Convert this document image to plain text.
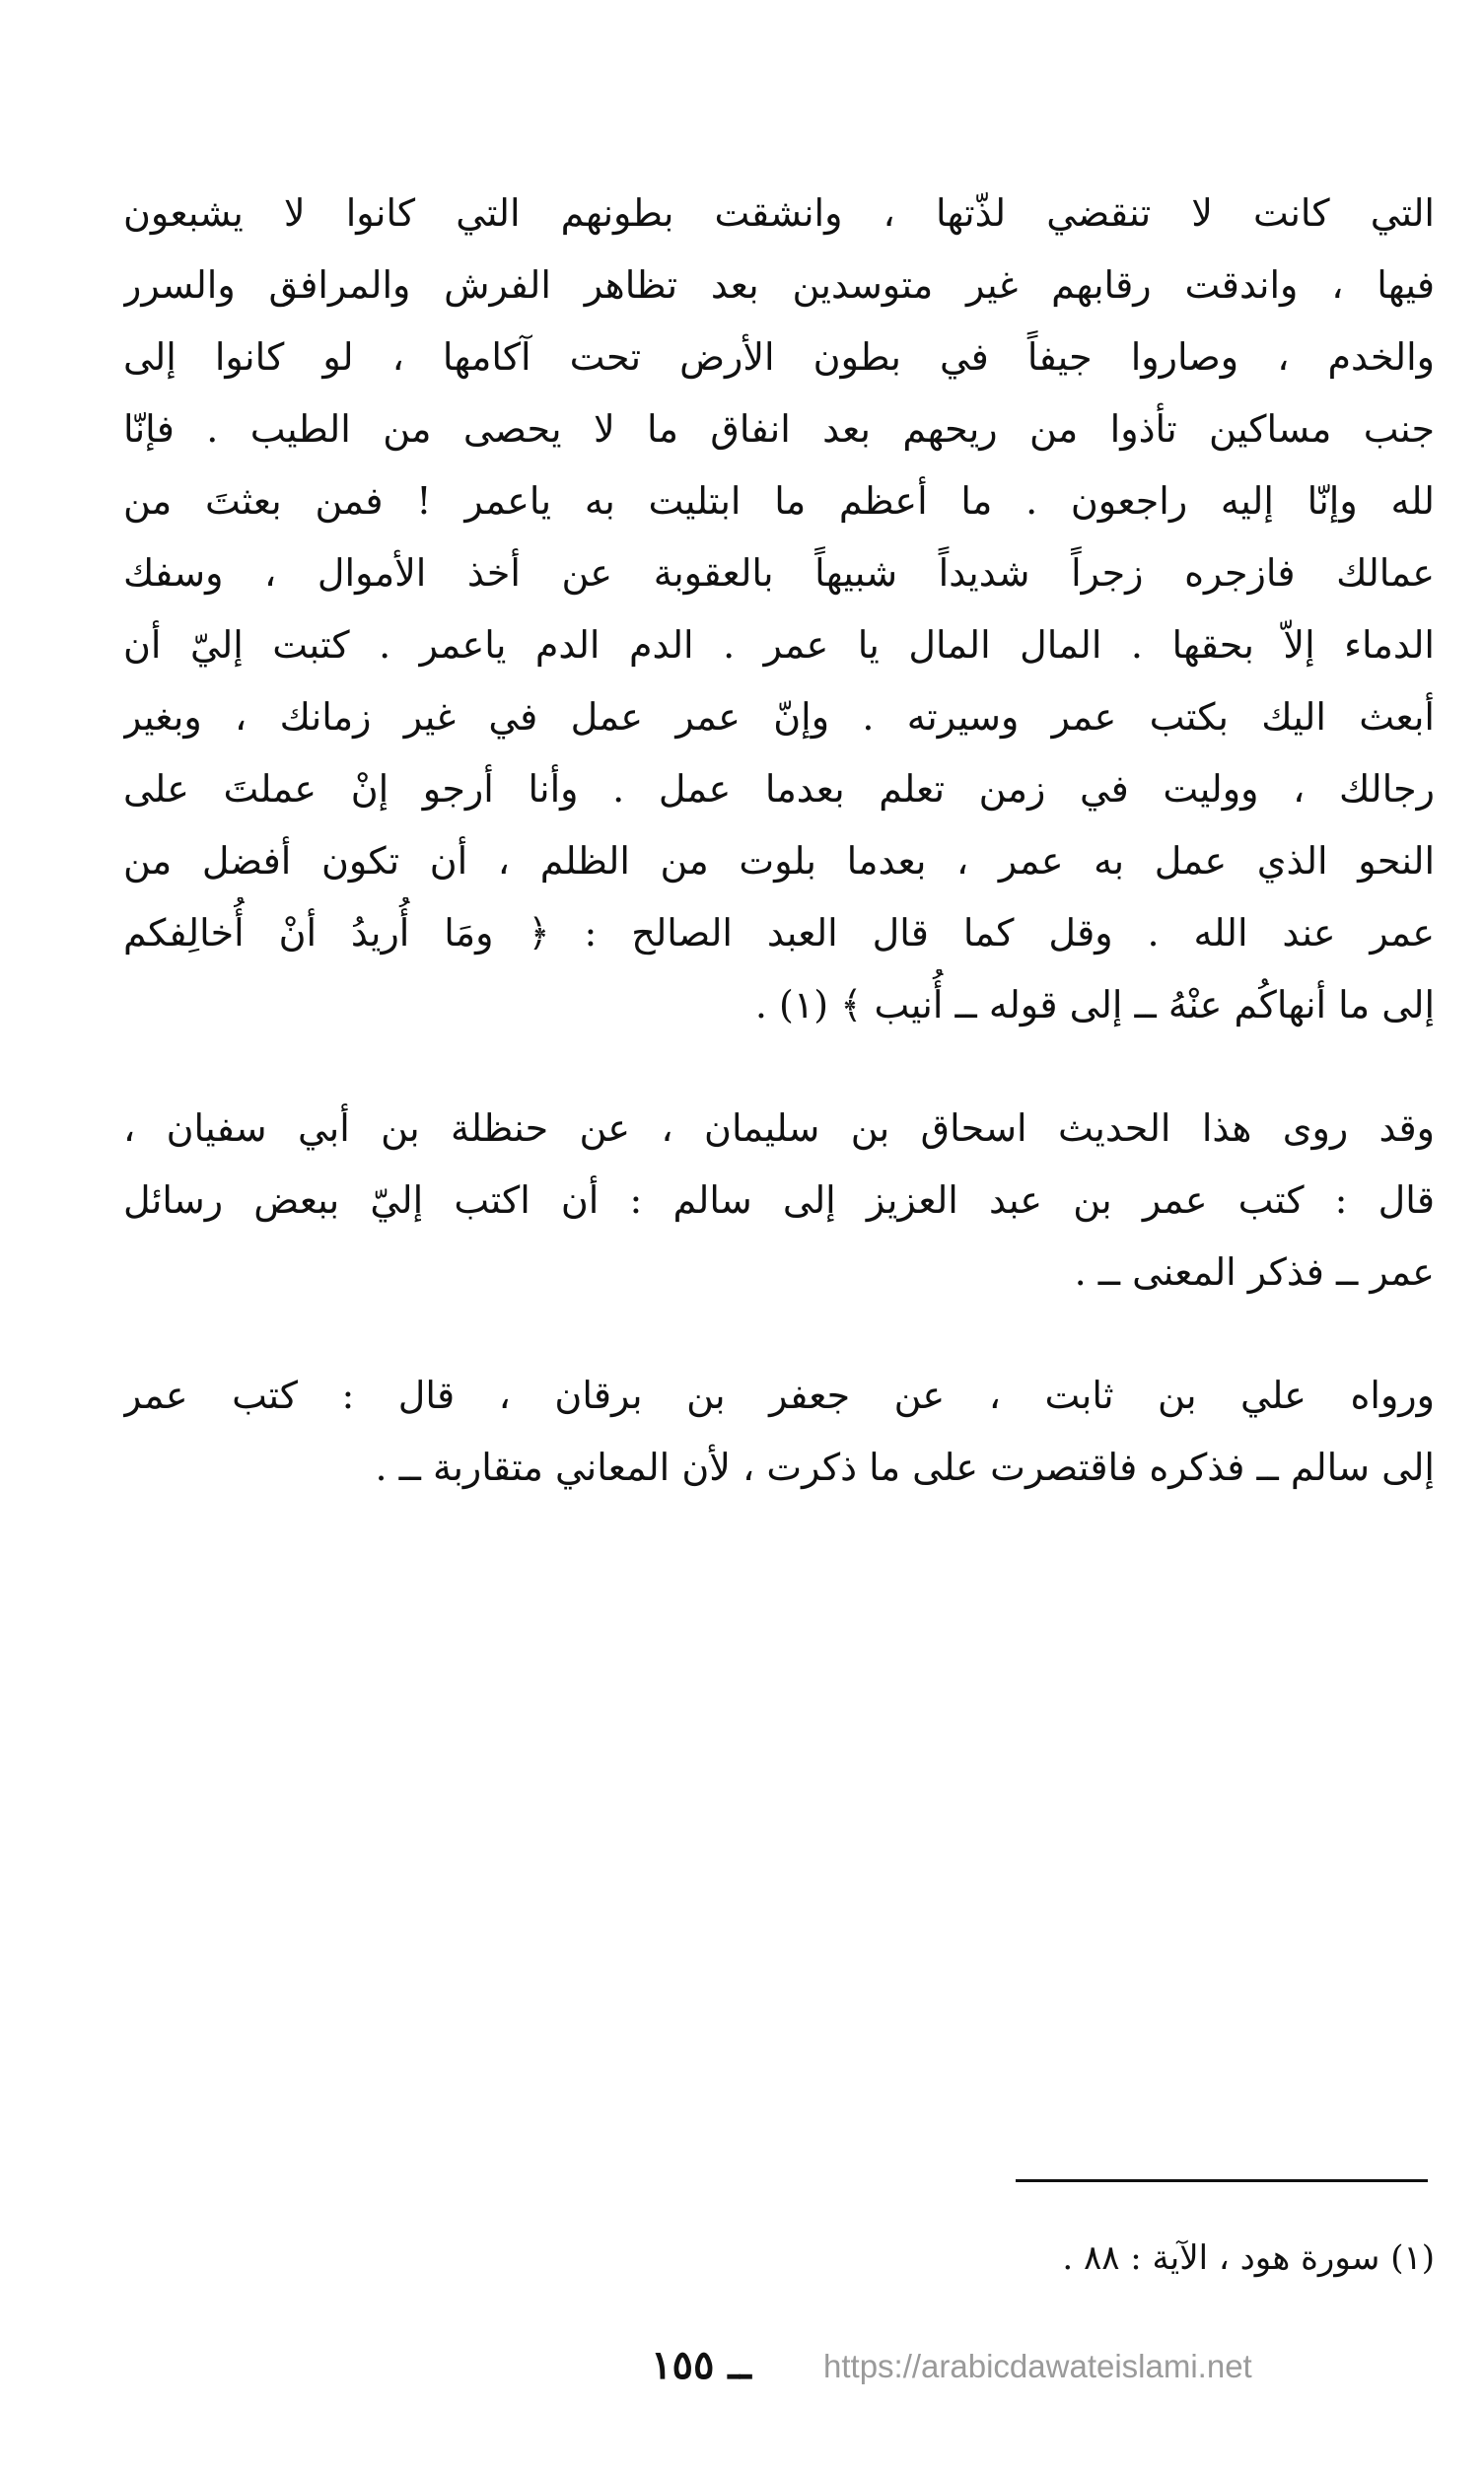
التي كانت لا تنقضي لذّتها ، وانشقت بطونهم التي كانوا لا يشبعون
فيها ، واندقت رقابهم غير متوسدين بعد تظاهر الفرش والمرافق والسرر
والخدم ، وصاروا جيفاً في بطون الأرض تحت آكامها ، لو كانوا إلى
جنب مساكين تأذوا من ريحهم بعد انفاق ما لا يحصى من الطيب . فإنّا
لله وإنّا إليه راجعون . ما أعظم ما ابتليت به ياعمر ! فمن بعثتَ من
عمالك فازجره زجراً شديداً شبيهاً بالعقوبة عن أخذ الأموال ، وسفك
الدماء إلاّ بحقها . المال المال يا عمر . الدم الدم ياعمر . كتبت إليّ أن
أبعث اليك بكتب عمر وسيرته . وإنّ عمر عمل في غير زمانك ، وبغير
رجالك ، ووليت في زمن تعلم بعدما عمل . وأنا أرجو إنْ عملتَ على
النحو الذي عمل به عمر ، بعدما بلوت من الظلم ، أن تكون أفضل من
عمر عند الله . وقل كما قال العبد الصالح : ﴿ ومَا أُريدُ أنْ أُخالِفكم
إلى ما أنهاكُم عنْهُ ــ إلى قوله ــ أُنيب ﴾ (١) .
وقد روى هذا الحديث اسحاق بن سليمان ، عن حنظلة بن أبي سفيان ،
قال : كتب عمر بن عبد العزيز إلى سالم : أن اكتب إليّ ببعض رسائل
عمر ــ فذكر المعنى ــ .
ورواه علي بن ثابت ، عن جعفر بن برقان ، قال : كتب عمر
إلى سالم ــ فذكره فاقتصرت على ما ذكرت ، لأن المعاني متقاربة ــ .
(١) سورة هود ، الآية : ٨٨ .
ــ ١٥٥ https://arabicdawateislami.net
